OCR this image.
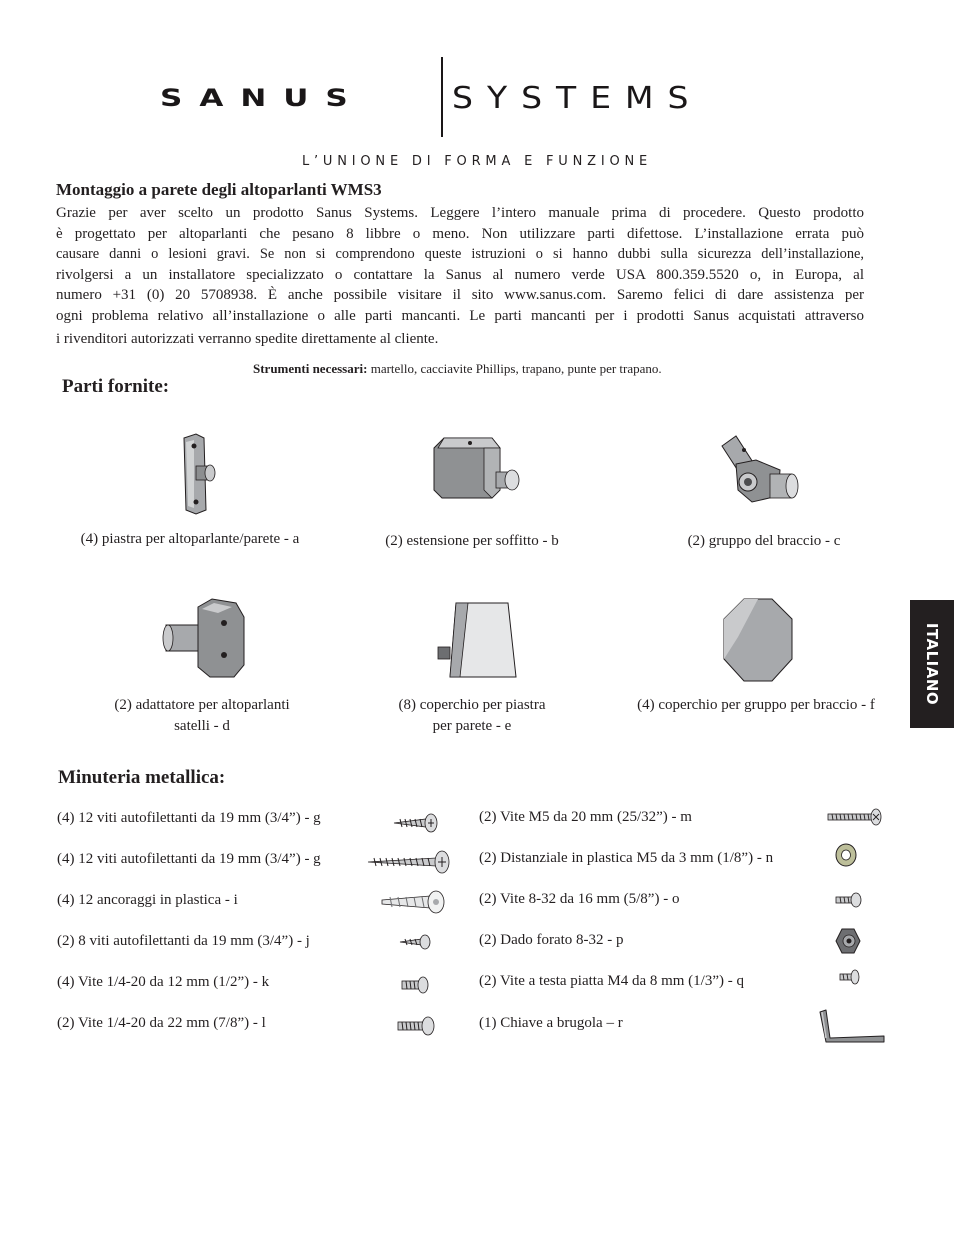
SANUS	SYSTEMS
L’UNIONE DI FORMA E FUNZIONE
Montaggio a parete degli altoparlanti WMS3
Grazie per aver scelto un prodotto Sanus Systems. Leggere l’intero manuale prima di procedere. Questo prodotto
è progettato per altoparlanti che pesano 8 libbre o meno. Non utilizzare parti difettose. L’installazione errata può
causare danni o lesioni gravi. Se non si comprendono queste istruzioni o si hanno dubbi sulla sicurezza dell’installazione,
rivolgersi a un installatore specializzato o contattare la Sanus al numero verde USA 800.359.5520 o, in Europa, al
numero +31 (0) 20 5708938. È anche possibile visitare il sito www.sanus.com. Saremo felici di dare assistenza per
ogni problema relativo all’installazione o alle parti mancanti. Le parti mancanti per i prodotti Sanus acquistati attraverso
i rivenditori autorizzati verranno spedite direttamente al cliente.
Strumenti necessari: martello, cacciavite Phillips, trapano, punte per trapano.
Parti fornite:
(4) piastra per altoparlante/parete - a	(2) estensione per soffitto - b	(2) gruppo del braccio - c
(2) adattatore per altoparlanti
satelli - d
(8) coperchio per piastra
per parete - e
(4) coperchio per gruppo per braccio - f
Minuteria metallica:
(4) 12 viti autofilettanti da 19 mm (3/4”) - g
(4) 12 viti autofilettanti da 19 mm (3/4”) - g
(4) 12 ancoraggi in plastica - i
(2) 8 viti autofilettanti da 19 mm (3/4”) - j
(4) Vite 1/4-20 da 12 mm (1/2”) - k
(2) Vite 1/4-20 da 22 mm (7/8”) - l
(2) Vite M5 da 20 mm (25/32”) - m
(2) Distanziale in plastica M5 da 3 mm (1/8”) - n
(2) Vite 8-32 da 16 mm (5/8”) - o
(2) Dado forato 8-32 - p
(2) Vite a testa piatta M4 da 8 mm (1/3”) - q
(1) Chiave a brugola – r
ITALIANO
